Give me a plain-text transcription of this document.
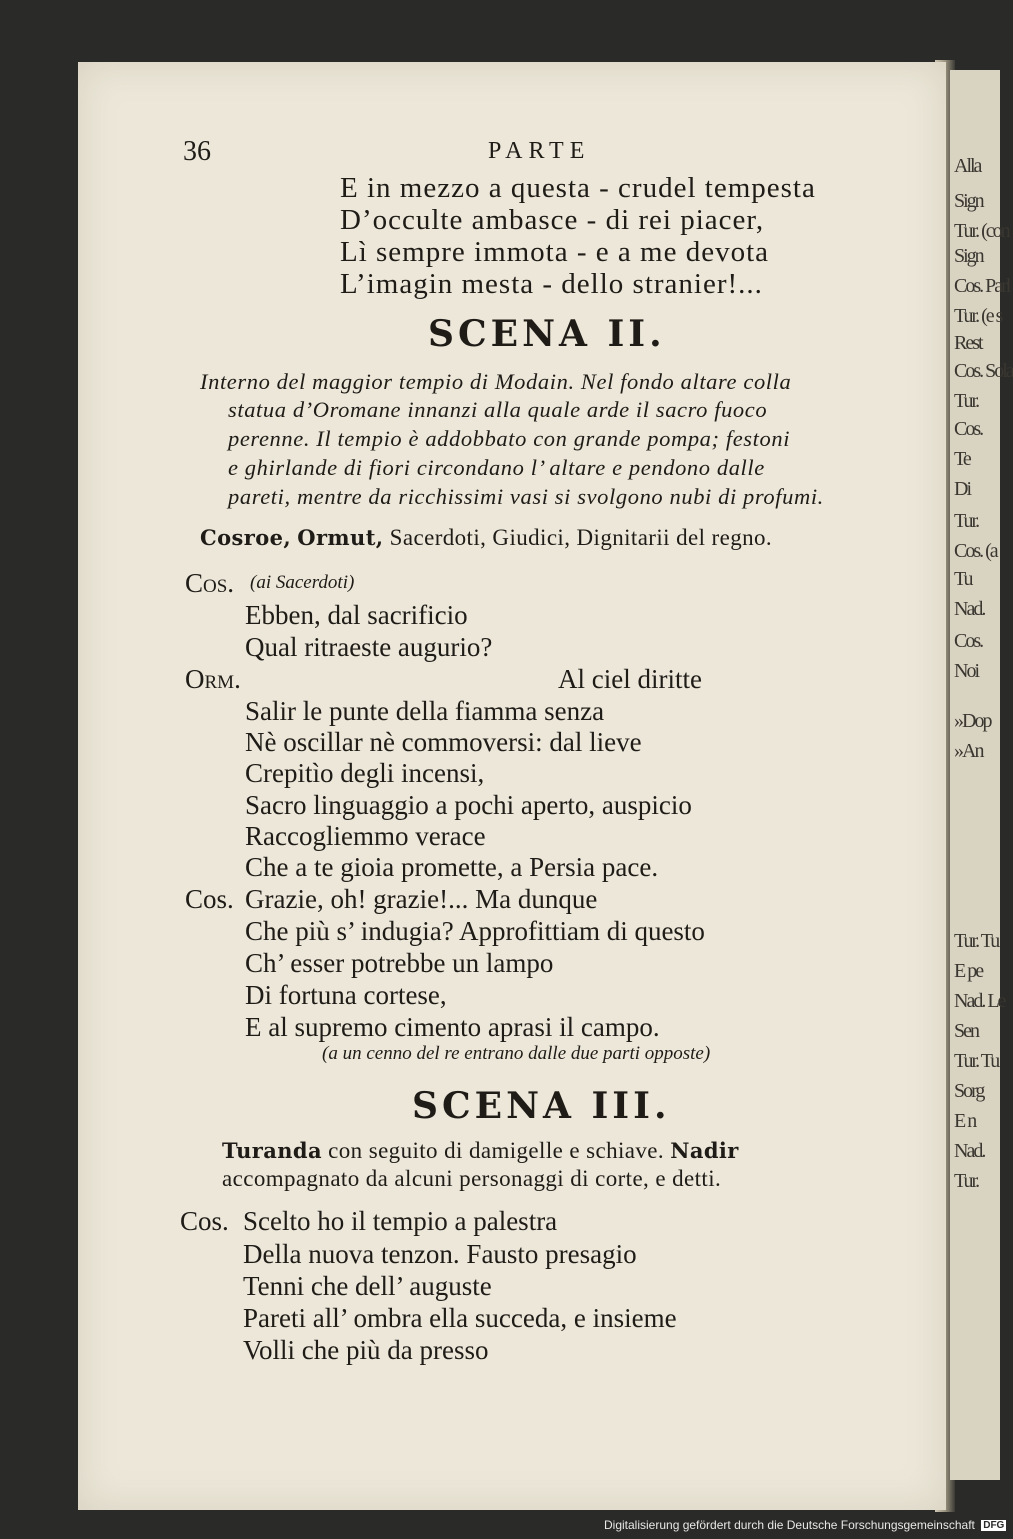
Alla
Sign
Tur. (con
Sign
Cos. Parl
Tur. (e s
Rest
Cos. Sola
Tur.
Cos.
Te
Di
Tur.
Cos. (a
Tu
Nad.
Cos.
Noi
»Dop
»An
Tur. Tu
E pe
Nad. Le
Sen
Tur. Tu
Sorg
E n
Nad.
Tur.
36	PARTE
E in mezzo a questa - crudel tempesta
D’occulte ambasce - di rei piacer,
Lì sempre immota - e a me devota
L’imagin mesta - dello stranier!...
SCENA II.
Interno del maggior tempio di Modain. Nel fondo altare colla
statua d’Oromane innanzi alla quale arde il sacro fuoco
perenne. Il tempio è addobbato con grande pompa; festoni
e ghirlande di fiori circondano l’ altare e pendono dalle
pareti, mentre da ricchissimi vasi si svolgono nubi di profumi.
Cosroe, Ormut, Sacerdoti, Giudici, Dignitarii del regno.
Cos. (ai Sacerdoti)
Ebben, dal sacrificio
Qual ritraeste augurio?
Orm.	Al ciel diritte
Salir le punte della fiamma senza
Nè oscillar nè commoversi: dal lieve
Crepitìo degli incensi,
Sacro linguaggio a pochi aperto, auspicio
Raccogliemmo verace
Che a te gioia promette, a Persia pace.
Cos. Grazie, oh! grazie!... Ma dunque
Che più s’ indugia? Approfittiam di questo
Ch’ esser potrebbe un lampo
Di fortuna cortese,
E al supremo cimento aprasi il campo.
(a un cenno del re entrano dalle due parti opposte)
SCENA III.
Turanda con seguito di damigelle e schiave. Nadir
accompagnato da alcuni personaggi di corte, e detti.
Cos. Scelto ho il tempio a palestra
Della nuova tenzon. Fausto presagio
Tenni che dell’ auguste
Pareti all’ ombra ella succeda, e insieme
Volli che più da presso
Digitalisierung gefördert durch die Deutsche Forschungsgemeinschaft DFG
